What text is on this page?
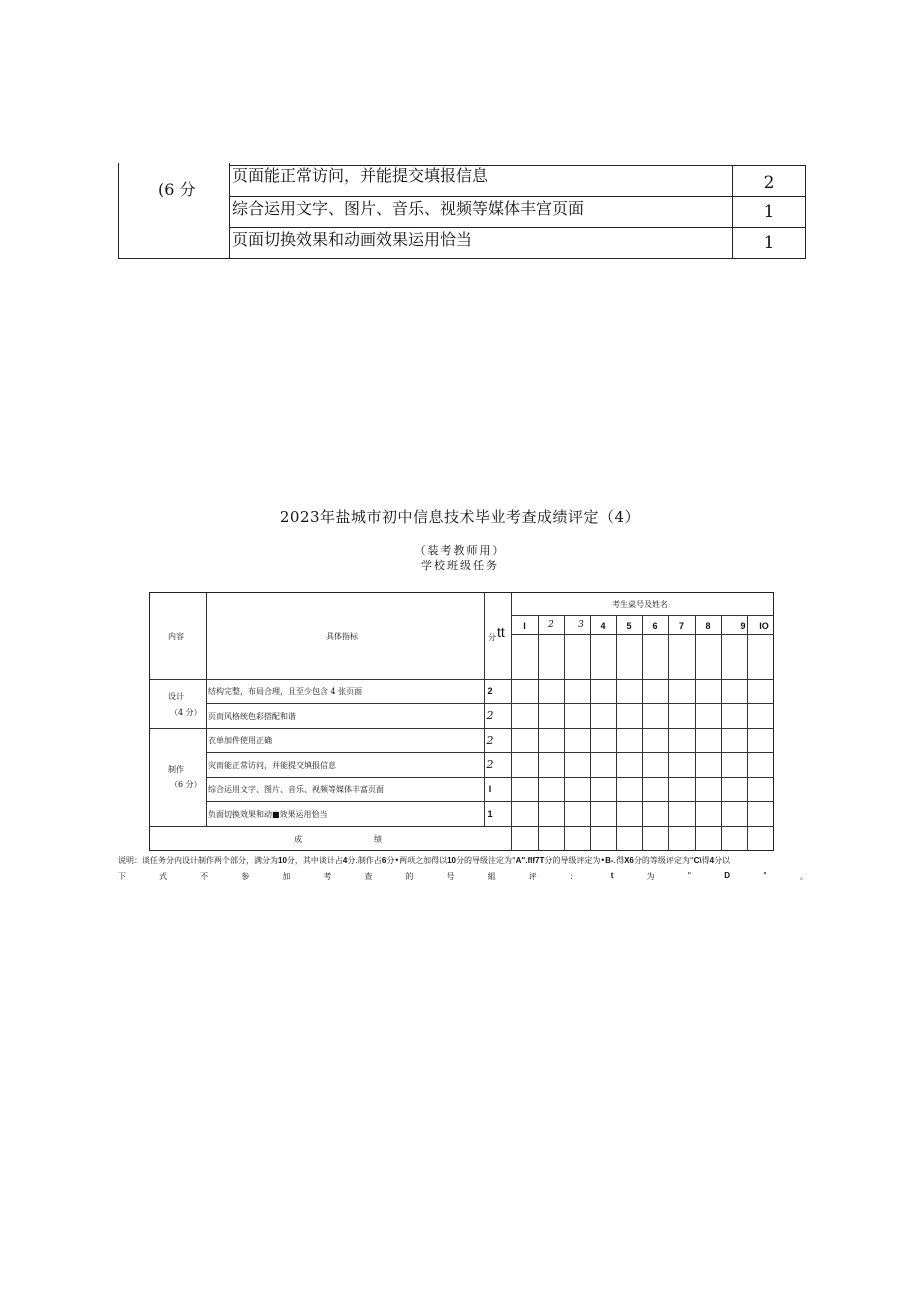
(6 分
页面能正常访问，并能提交填报信息	2
综合运用文字、图片、音乐、视频等媒体丰宫页面	1
页面切换效果和动画效果运用恰当	1
2023年盐城市初中信息技术毕业考查成绩评定（4）
（装考教师用）
学校班级任务
内容	具体指标	分 tt
考生桌号及姓名
I	2	3	4	5	6	7	8	9	IO
设计
（4 分）
制作
（6 分）
结构完整，布局合理，且至少包含 4 张页面	2
页而风格统色彩搭配和谐	2
衣单加件使用正确	2
灾而能正常访问，并能提交填报信息	2
综合运用文字、图片、音乐、视频等媒体丰富页面	I
负面切换效果和动■效果运用恰当	1
成	绩
说明：谈任务分内设计制作两个部分，满分为10分，其中谈计占4分.制作占6分•两项之加得以10分的导级注定为"A".flf7T分的导级评定为•B-.得X6分的等级评定为"C\得4分以
下	式	不	参	加	考	查	的	号	組	评	：	t	为	"	D	"	。
